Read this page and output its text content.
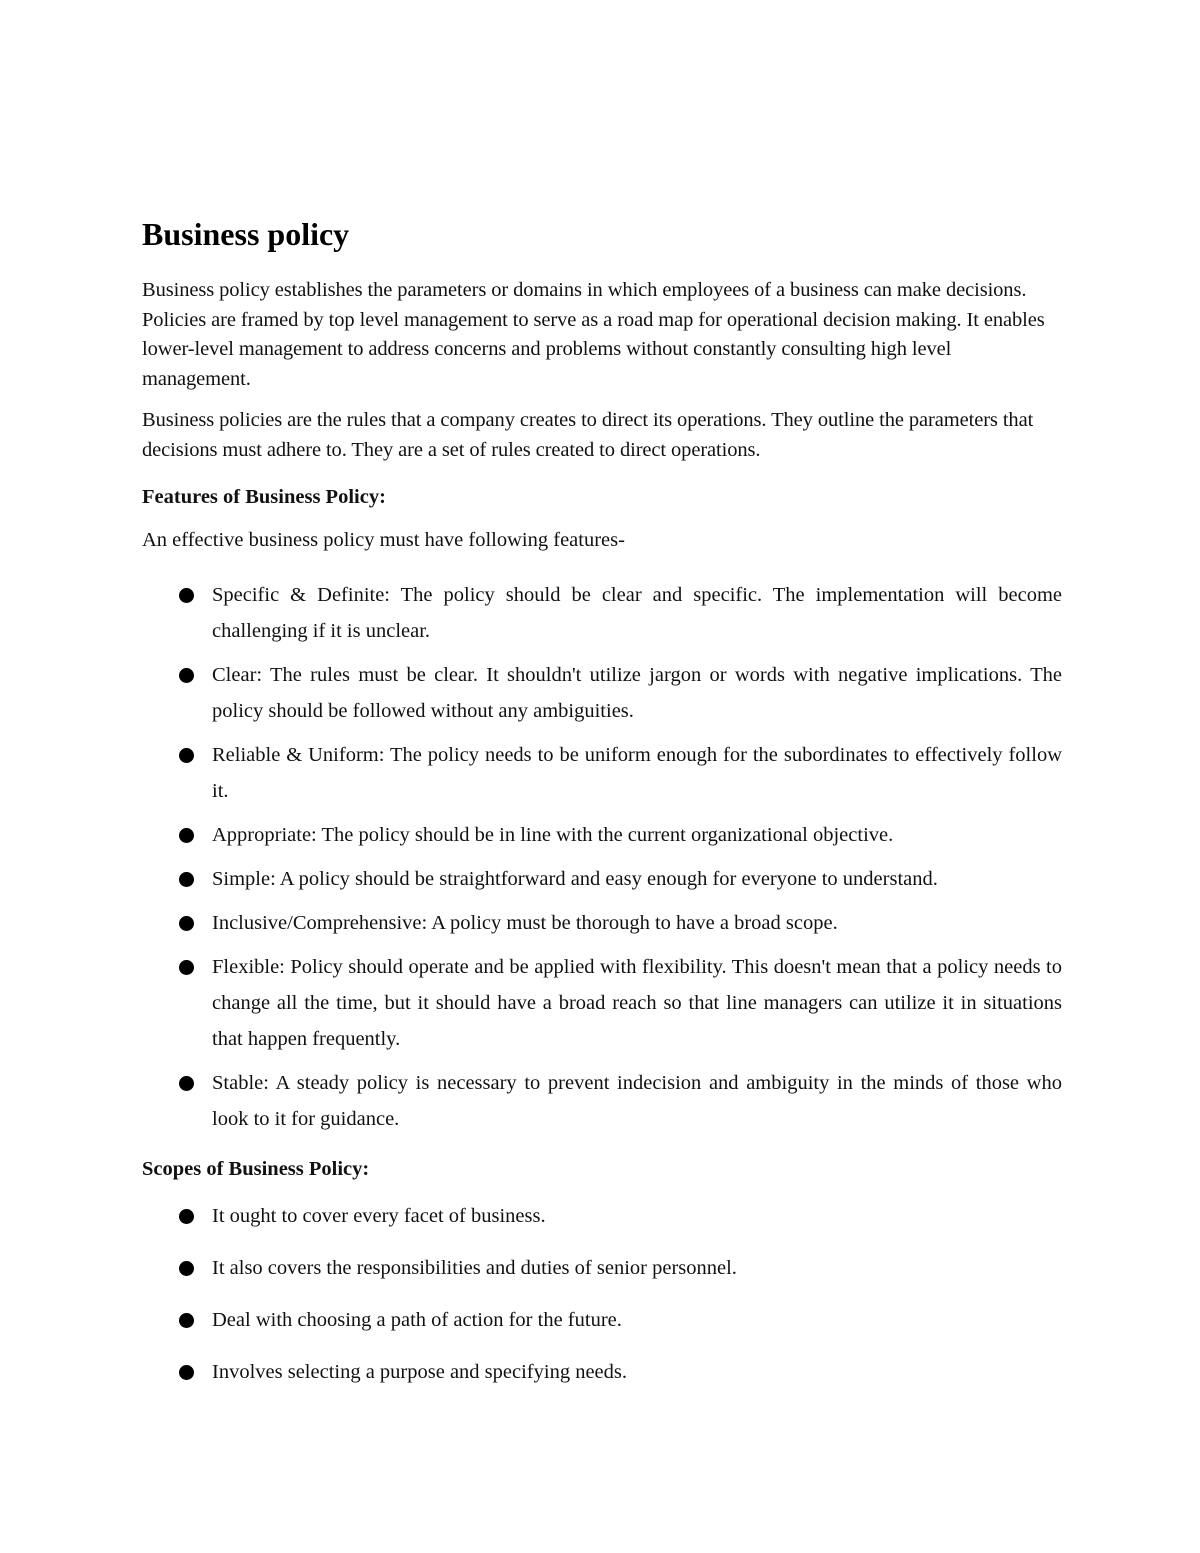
Business policy

Business policy establishes the parameters or domains in which employees of a business can make decisions. Policies are framed by top level management to serve as a road map for operational decision making. It enables lower-level management to address concerns and problems without constantly consulting high level management.

Business policies are the rules that a company creates to direct its operations. They outline the parameters that decisions must adhere to. They are a set of rules created to direct operations.

Features of Business Policy:
An effective business policy must have following features-
Specific & Definite: The policy should be clear and specific. The implementation will become challenging if it is unclear.
Clear: The rules must be clear. It shouldn't utilize jargon or words with negative implications. The policy should be followed without any ambiguities.
Reliable & Uniform: The policy needs to be uniform enough for the subordinates to effectively follow it.
Appropriate: The policy should be in line with the current organizational objective.
Simple: A policy should be straightforward and easy enough for everyone to understand.
Inclusive/Comprehensive: A policy must be thorough to have a broad scope.
Flexible: Policy should operate and be applied with flexibility. This doesn't mean that a policy needs to change all the time, but it should have a broad reach so that line managers can utilize it in situations that happen frequently.
Stable: A steady policy is necessary to prevent indecision and ambiguity in the minds of those who look to it for guidance.
Scopes of Business Policy:
It ought to cover every facet of business.
It also covers the responsibilities and duties of senior personnel.
Deal with choosing a path of action for the future.
Involves selecting a purpose and specifying needs.
